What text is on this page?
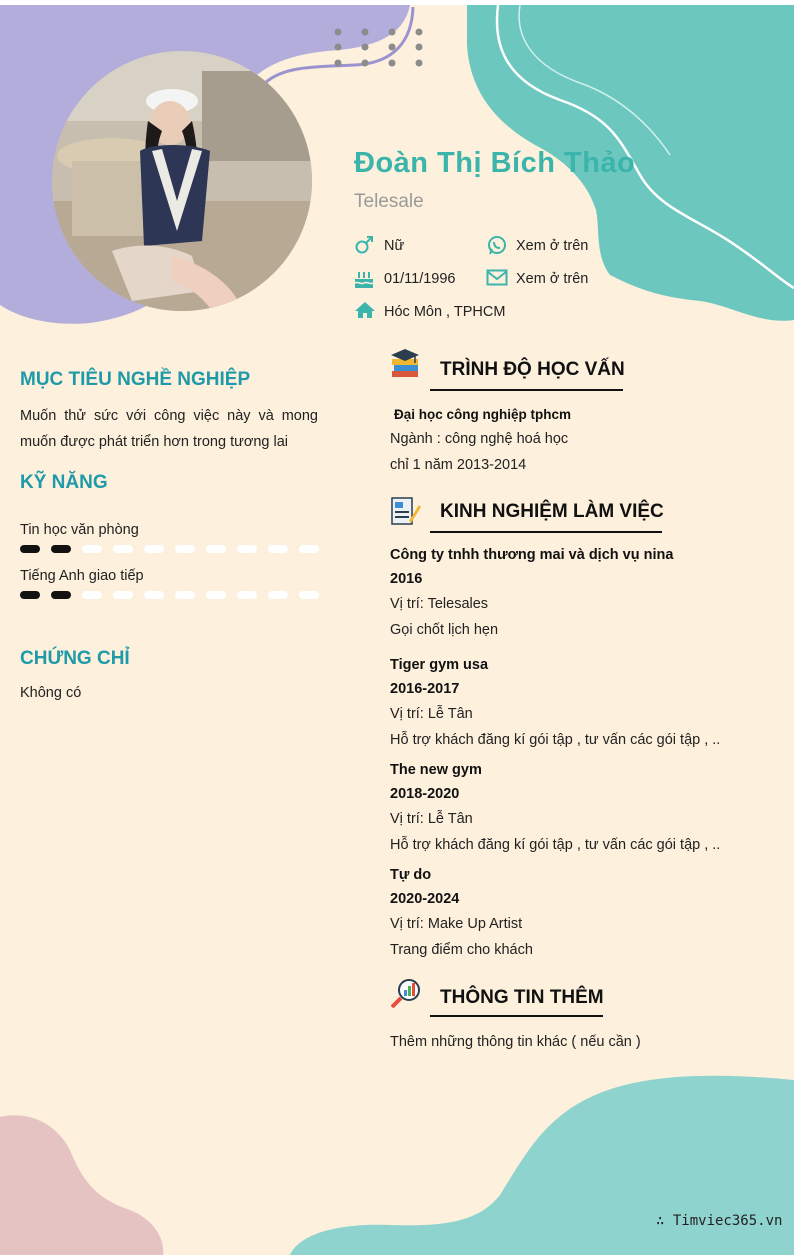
Đoàn Thị Bích Thảo
Telesale
Nữ	Xem ở trên
01/11/1996	Xem ở trên
Hóc Môn , TPHCM
MỤC TIÊU NGHỀ NGHIỆP
Muốn thử sức với công việc này và mong muốn được phát triển hơn trong tương lai
KỸ NĂNG
Tin học văn phòng
Tiếng Anh giao tiếp
CHỨNG CHỈ
Không có
TRÌNH ĐỘ HỌC VẤN
Đại học công nghiệp tphcm
Ngành : công nghệ hoá học
chỉ 1 năm 2013-2014
KINH NGHIỆM LÀM VIỆC
Công ty tnhh thương mai và dịch vụ nina
2016
Vị trí: Telesales
Gọi chốt lịch hẹn
Tiger gym usa
2016-2017
Vị trí: Lễ Tân
Hỗ trợ khách đăng kí gói tập , tư vấn các gói tập , ..
The new gym
2018-2020
Vị trí: Lễ Tân
Hỗ trợ khách đăng kí gói tập , tư vấn các gói tập , ..
Tự do
2020-2024
Vị trí: Make Up Artist
Trang điểm cho khách
THÔNG TIN THÊM
Thêm những thông tin khác ( nếu cần )
∴ Timviec365.vn
